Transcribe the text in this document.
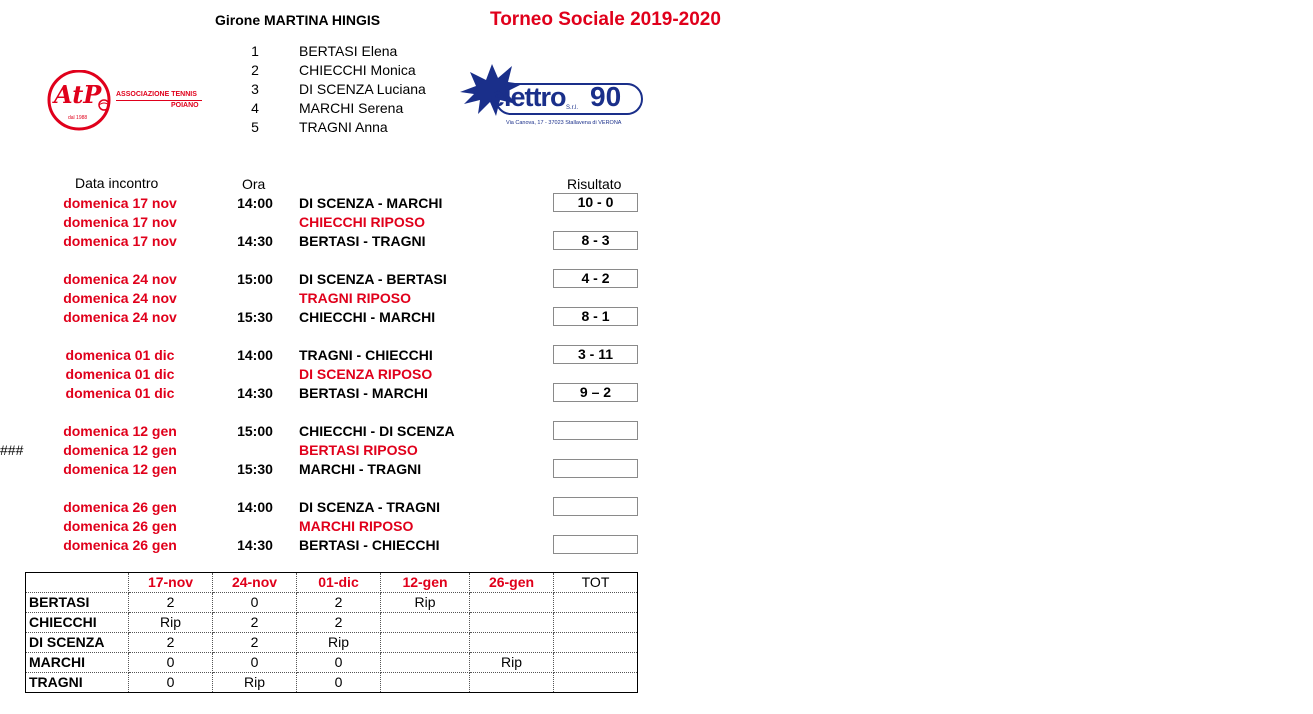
Girone MARTINA HINGIS	Torneo Sociale 2019-2020
AtP
dal 1988
ASSOCIAZIONE TENNIS
POIANO
1	BERTASI Elena
2	CHIECCHI Monica
3	DI SCENZA Luciana
4	MARCHI Serena
5	TRAGNI Anna
elettro 90
S.r.l.
Via Canova, 17 - 37023 Stallavena di VERONA
Data incontro	Ora	Risultato
domenica 17 nov	14:00	DI SCENZA - MARCHI	10 - 0
domenica 17 nov	CHIECCHI RIPOSO
domenica 17 nov	14:30	BERTASI - TRAGNI	8 - 3
domenica 24 nov	15:00	DI SCENZA - BERTASI	4 - 2
domenica 24 nov	TRAGNI RIPOSO
domenica 24 nov	15:30	CHIECCHI - MARCHI	8 - 1
domenica 01 dic	14:00	TRAGNI - CHIECCHI	3 - 11
domenica 01 dic	DI SCENZA RIPOSO
domenica 01 dic	14:30	BERTASI - MARCHI	9 – 2
domenica 12 gen	15:00	CHIECCHI - DI SCENZA
domenica 12 gen	BERTASI RIPOSO
domenica 12 gen	15:30	MARCHI - TRAGNI
domenica 26 gen	14:00	DI SCENZA - TRAGNI
domenica 26 gen	MARCHI RIPOSO
domenica 26 gen	14:30	BERTASI - CHIECCHI
###
	17-nov	24-nov	01-dic	12-gen	26-gen	TOT
BERTASI	2	0	2	Rip		
CHIECCHI	Rip	2	2			
DI SCENZA	2	2	Rip			
MARCHI	0	0	0		Rip	
TRAGNI	0	Rip	0			
